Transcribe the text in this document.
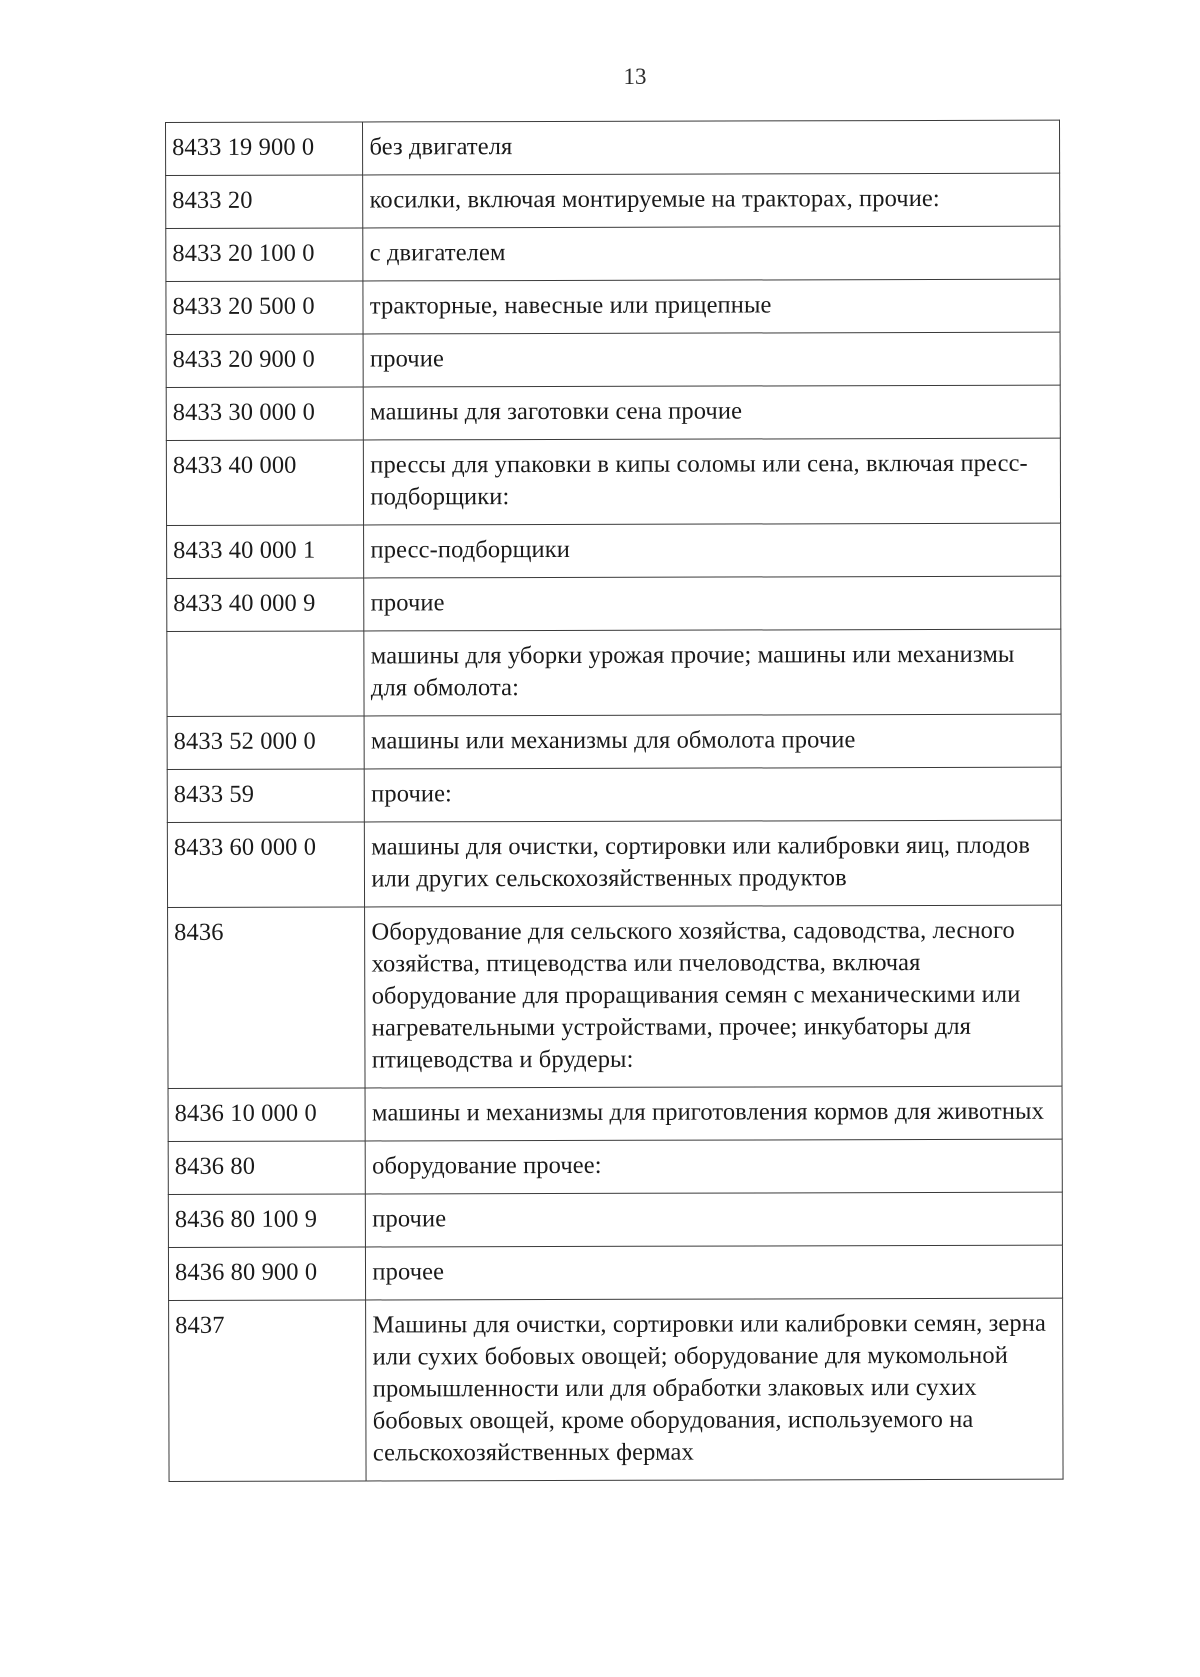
13
8433 19 900 0	без двигателя
8433 20	косилки, включая монтируемые на тракторах, прочие:
8433 20 100 0	с двигателем
8433 20 500 0	тракторные, навесные или прицепные
8433 20 900 0	прочие
8433 30 000 0	машины для заготовки сена прочие
8433 40 000	прессы для упаковки в кипы соломы или сена, включая пресс-подборщики:
8433 40 000 1	пресс-подборщики
8433 40 000 9	прочие
	машины для уборки урожая прочие; машины или механизмы для обмолота:
8433 52 000 0	машины или механизмы для обмолота прочие
8433 59	прочие:
8433 60 000 0	машины для очистки, сортировки или калибровки яиц, плодов или других сельскохозяйственных продуктов
8436	Оборудование для сельского хозяйства, садоводства, лесного хозяйства, птицеводства или пчеловодства, включая оборудование для проращивания семян с механическими или нагревательными устройствами, прочее; инкубаторы для птицеводства и брудеры:
8436 10 000 0	машины и механизмы для приготовления кормов для животных
8436 80	оборудование прочее:
8436 80 100 9	прочие
8436 80 900 0	прочее
8437	Машины для очистки, сортировки или калибровки семян, зерна или сухих бобовых овощей; оборудование для мукомольной промышленности или для обработки злаковых или сухих бобовых овощей, кроме оборудования, используемого на сельскохозяйственных фермах
